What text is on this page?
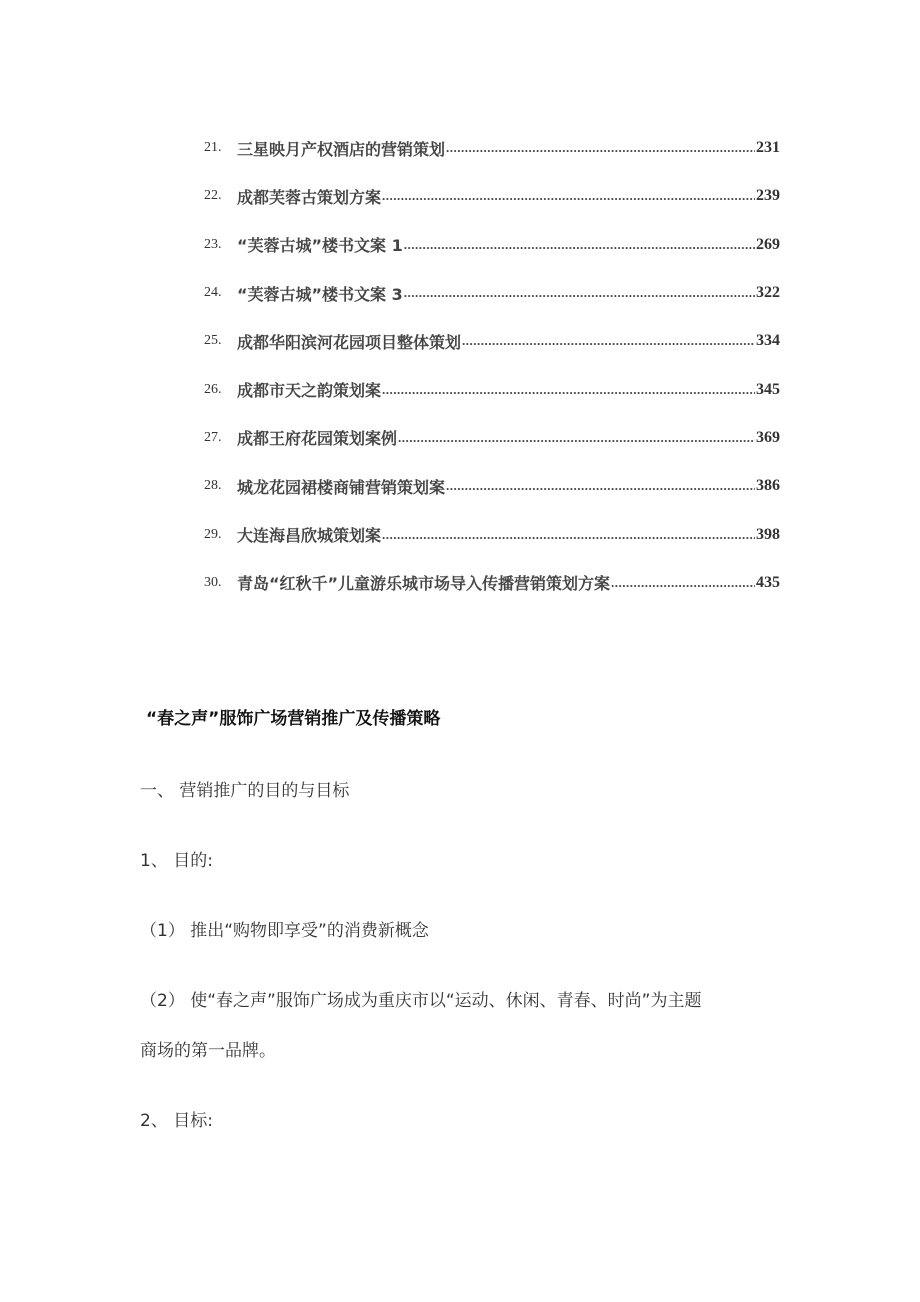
21. 三星映月产权酒店的营销策划 .....	231
22. 成都芙蓉古策划方案 .....	239
23. “芙蓉古城”楼书文案 1 .....	269
24. “芙蓉古城”楼书文案 3 .....	322
25. 成都华阳滨河花园项目整体策划 .....	334
26. 成都市天之韵策划案 .....	345
27. 成都王府花园策划案例 .....	369
28. 城龙花园裙楼商铺营销策划案 .....	386
29. 大连海昌欣城策划案 .....	398
30. 青岛“红秋千”儿童游乐城市场导入传播营销策划方案 .....	435
“春之声”服饰广场营销推广及传播策略
一、 营销推广的目的与目标
1、 目的:
（1） 推出“购物即享受”的消费新概念
（2） 使“春之声”服饰广场成为重庆市以“运动、休闲、青春、时尚”为主题
商场的第一品牌。
2、 目标:
